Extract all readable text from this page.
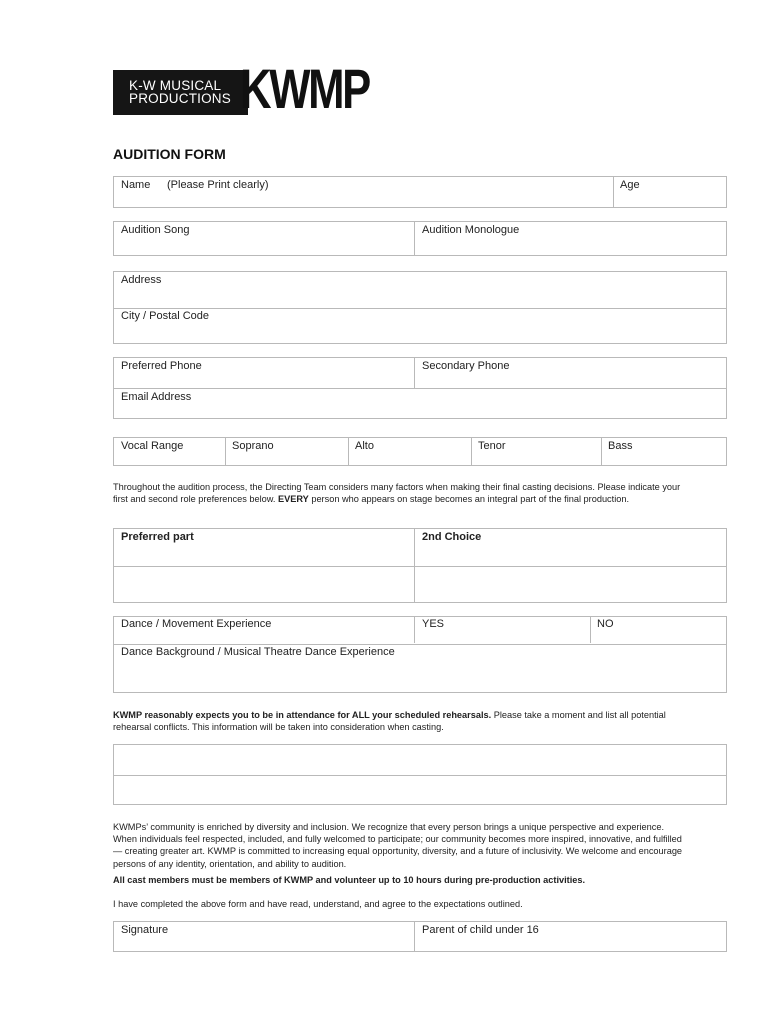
K-W MUSICAL
PRODUCTIONS KWMP
AUDITION FORM
Name (Please Print clearly)	Age
Audition Song	Audition Monologue
Address
City / Postal Code
Preferred Phone	Secondary Phone
Email Address
Vocal Range	Soprano	Alto	Tenor	Bass
Throughout the audition process, the Directing Team considers many factors when making their final casting decisions. Please indicate your first and second role preferences below. EVERY person who appears on stage becomes an integral part of the final production.
Preferred part	2nd Choice
Dance / Movement Experience	YES	NO
Dance Background / Musical Theatre Dance Experience
KWMP reasonably expects you to be in attendance for ALL your scheduled rehearsals. Please take a moment and list all potential rehearsal conflicts. This information will be taken into consideration when casting.
KWMPs’ community is enriched by diversity and inclusion. We recognize that every person brings a unique perspective and experience. When individuals feel respected, included, and fully welcomed to participate; our community becomes more inspired, innovative, and fulfilled — creating greater art. KWMP is committed to increasing equal opportunity, diversity, and a future of inclusivity. We welcome and encourage persons of any identity, orientation, and ability to audition.
All cast members must be members of KWMP and volunteer up to 10 hours during pre-production activities.
I have completed the above form and have read, understand, and agree to the expectations outlined.
Signature	Parent of child under 16
